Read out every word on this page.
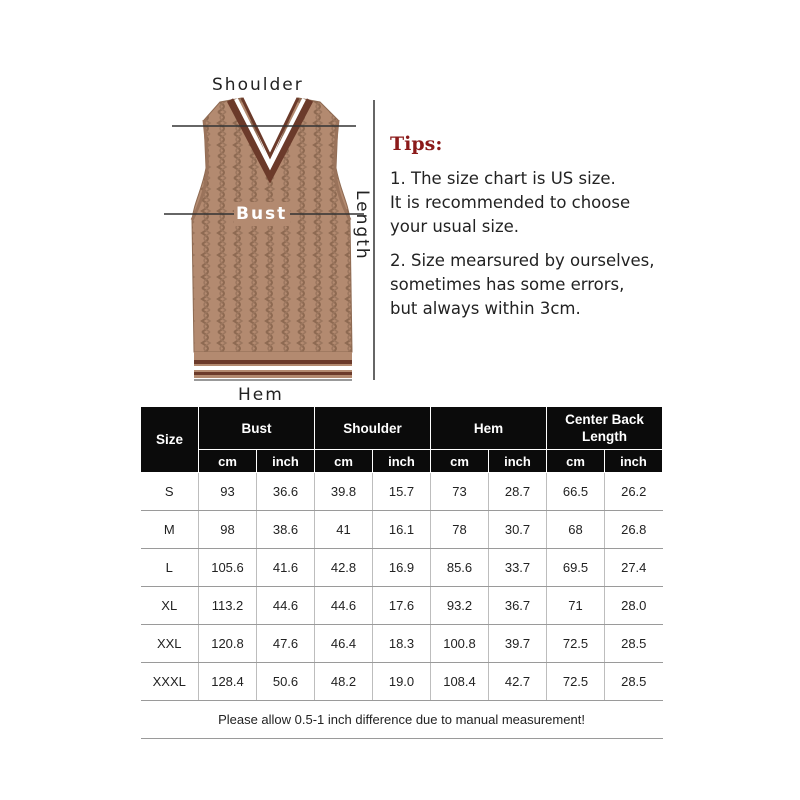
Shoulder
Bust	Length
Hem
Tips:
1. The size chart is US size.
It is recommended to choose
your usual size.
2. Size mearsured by ourselves,
sometimes has some errors,
but always within 3cm.
Size	Bust		Shoulder		Hem		Center Back Length	
	cm	inch	cm	inch	cm	inch	cm	inch
S	93	36.6	39.8	15.7	73	28.7	66.5	26.2
M	98	38.6	41	16.1	78	30.7	68	26.8
L	105.6	41.6	42.8	16.9	85.6	33.7	69.5	27.4
XL	113.2	44.6	44.6	17.6	93.2	36.7	71	28.0
XXL	120.8	47.6	46.4	18.3	100.8	39.7	72.5	28.5
XXXL	128.4	50.6	48.2	19.0	108.4	42.7	72.5	28.5
Please allow 0.5-1 inch difference due to manual measurement!								
